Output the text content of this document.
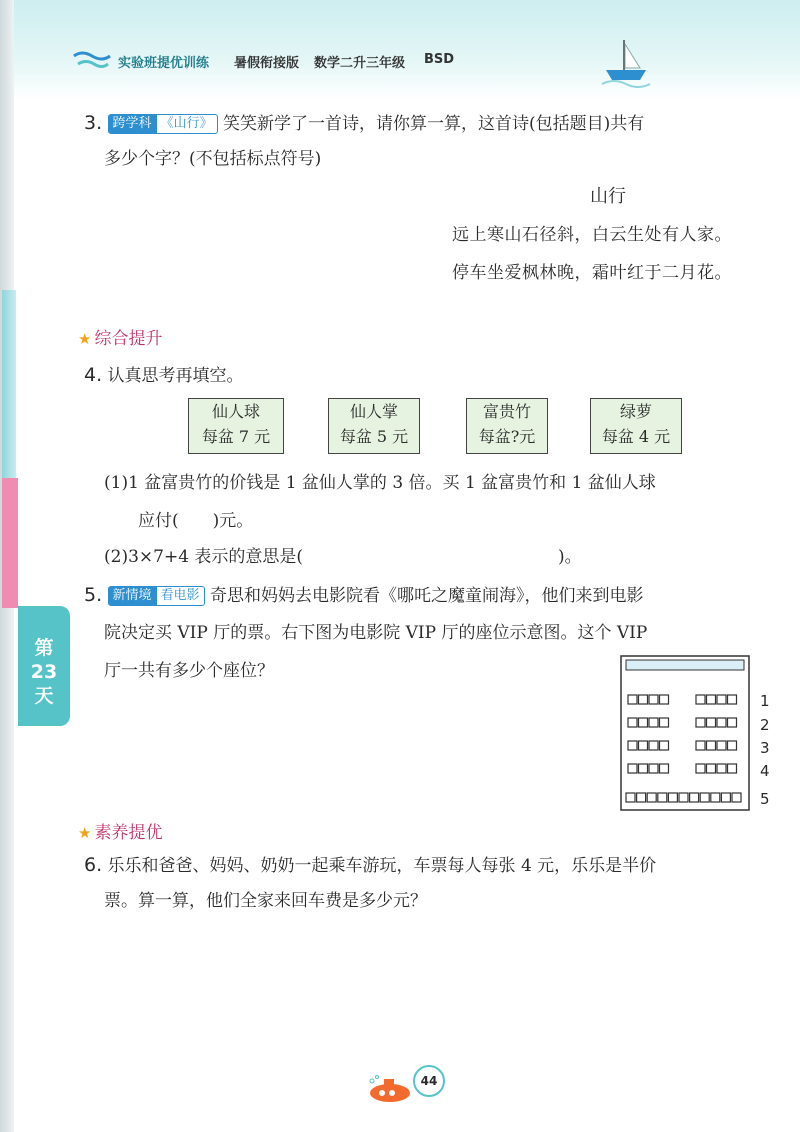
实验班提优训练 暑假衔接版 数学二升三年级 BSD
第
23
天
3. 跨学科 《山行》 笑笑新学了一首诗，请你算一算，这首诗(包括题目)共有
多少个字？(不包括标点符号)
山行
远上寒山石径斜，白云生处有人家。
停车坐爱枫林晚，霜叶红于二月花。
★ 综合提升
4. 认真思考再填空。
仙人球
每盆 7 元
仙人掌
每盆 5 元
富贵竹
每盆?元
绿萝
每盆 4 元
(1)1 盆富贵竹的价钱是 1 盆仙人掌的 3 倍。买 1 盆富贵竹和 1 盆仙人球
应付(　　)元。
(2)3×7+4 表示的意思是(　　　　　　　　　　　　　　　)。
5. 新情境 看电影 奇思和妈妈去电影院看《哪吒之魔童闹海》，他们来到电影
院决定买 VIP 厅的票。右下图为电影院 VIP 厅的座位示意图。这个 VIP
厅一共有多少个座位？
1
2
3
4
5
★ 素养提优
6. 乐乐和爸爸、妈妈、奶奶一起乘车游玩，车票每人每张 4 元，乐乐是半价
票。算一算，他们全家来回车费是多少元？
44
